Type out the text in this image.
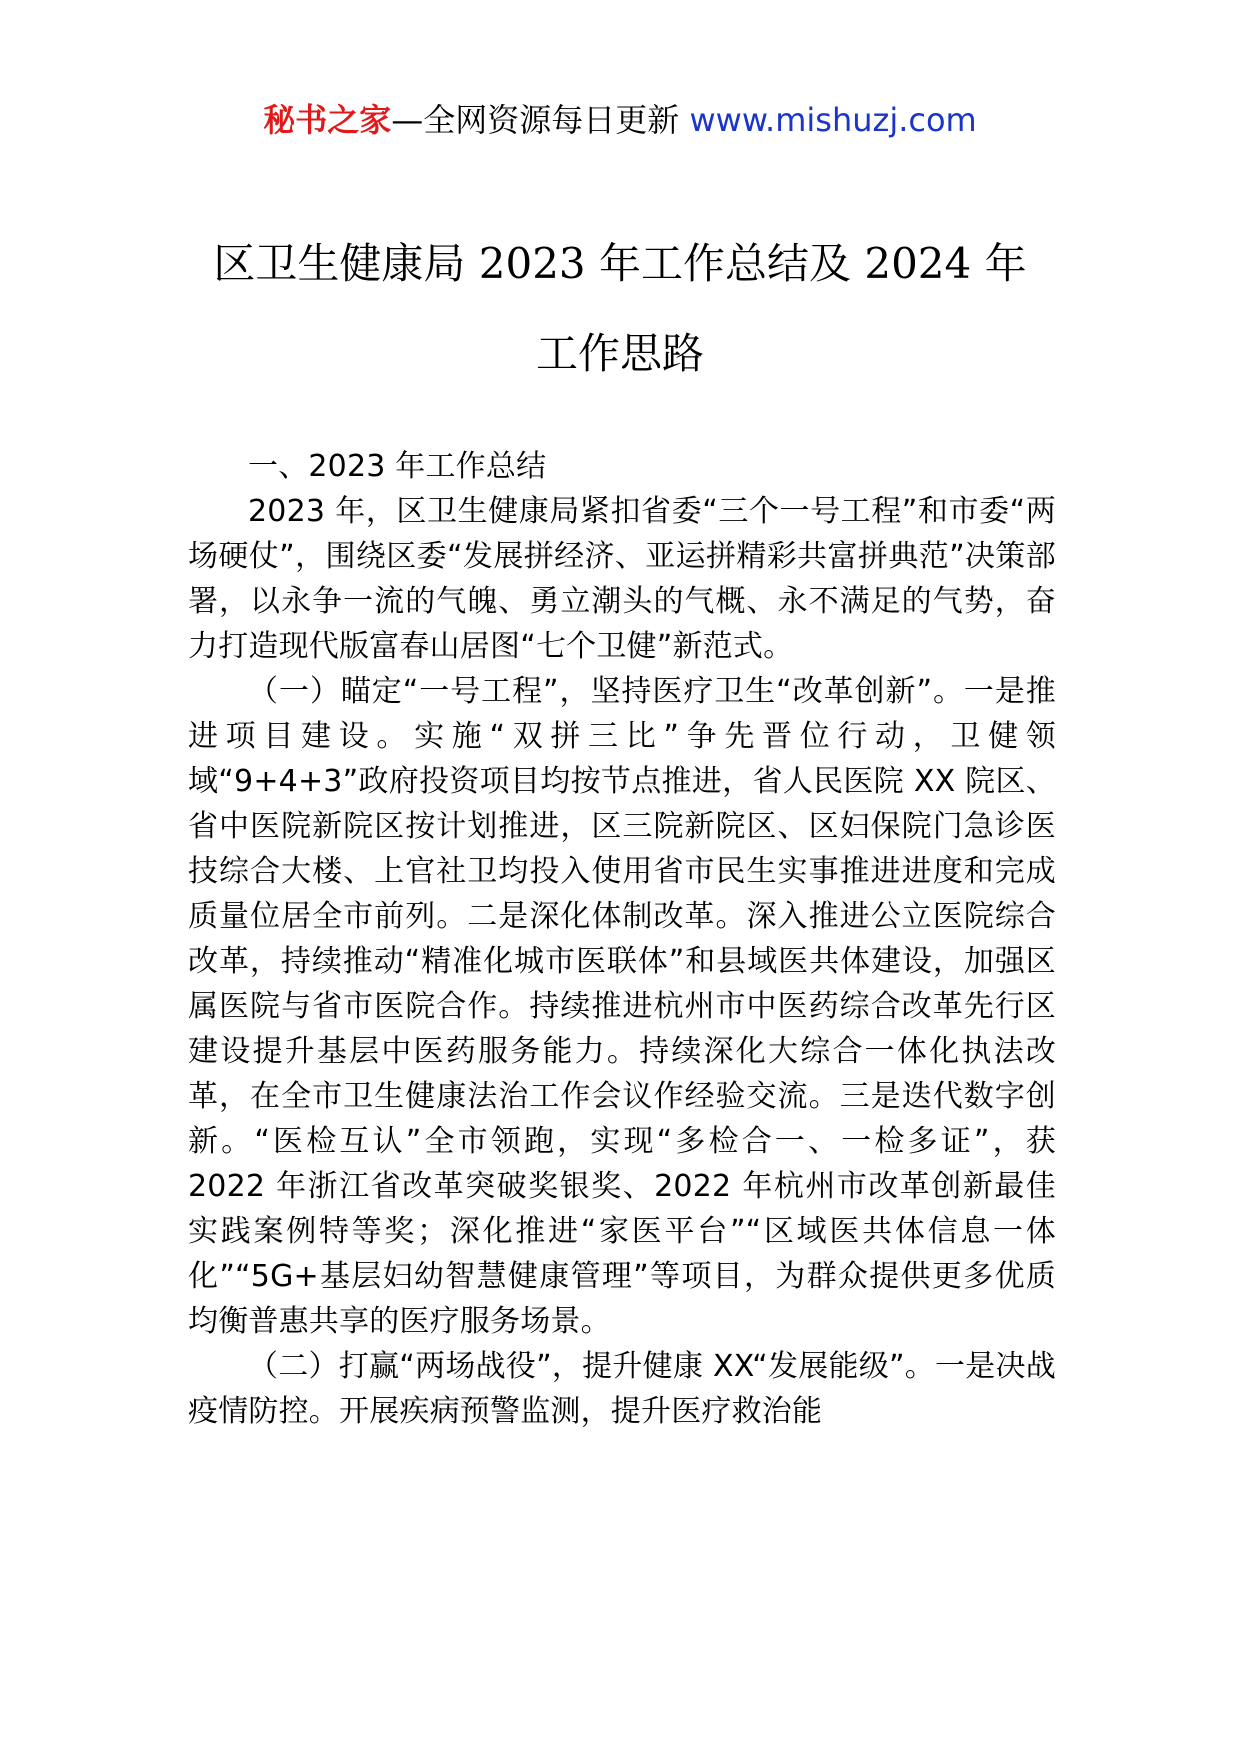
秘书之家—全网资源每日更新 www.mishuzj.com
区卫生健康局 2023 年工作总结及 2024 年
工作思路

一、2023 年工作总结

2023 年，区卫生健康局紧扣省委“三个一号工程”和市委“两场硬仗”，围绕区委“发展拼经济、亚运拼精彩共富拼典范”决策部署，以永争一流的气魄、勇立潮头的气概、永不满足的气势，奋力打造现代版富春山居图“七个卫健”新范式。

（一）瞄定“一号工程”，坚持医疗卫生“改革创新”。一是推进项目建设。实施“双拼三比”争先晋位行动，卫健领域“9+4+3”政府投资项目均按节点推进，省人民医院 XX 院区、省中医院新院区按计划推进，区三院新院区、区妇保院门急诊医技综合大楼、上官社卫均投入使用省市民生实事推进进度和完成质量位居全市前列。二是深化体制改革。深入推进公立医院综合改革，持续推动“精准化城市医联体”和县域医共体建设，加强区属医院与省市医院合作。持续推进杭州市中医药综合改革先行区建设提升基层中医药服务能力。持续深化大综合一体化执法改革，在全市卫生健康法治工作会议作经验交流。三是迭代数字创新。“医检互认”全市领跑，实现“多检合一、一检多证”，获 2022 年浙江省改革突破奖银奖、2022 年杭州市改革创新最佳实践案例特等奖；深化推进“家医平台”“区域医共体信息一体化”“5G+基层妇幼智慧健康管理”等项目，为群众提供更多优质均衡普惠共享的医疗服务场景。

（二）打赢“两场战役”，提升健康 XX“发展能级”。一是决战疫情防控。开展疾病预警监测，提升医疗救治能
